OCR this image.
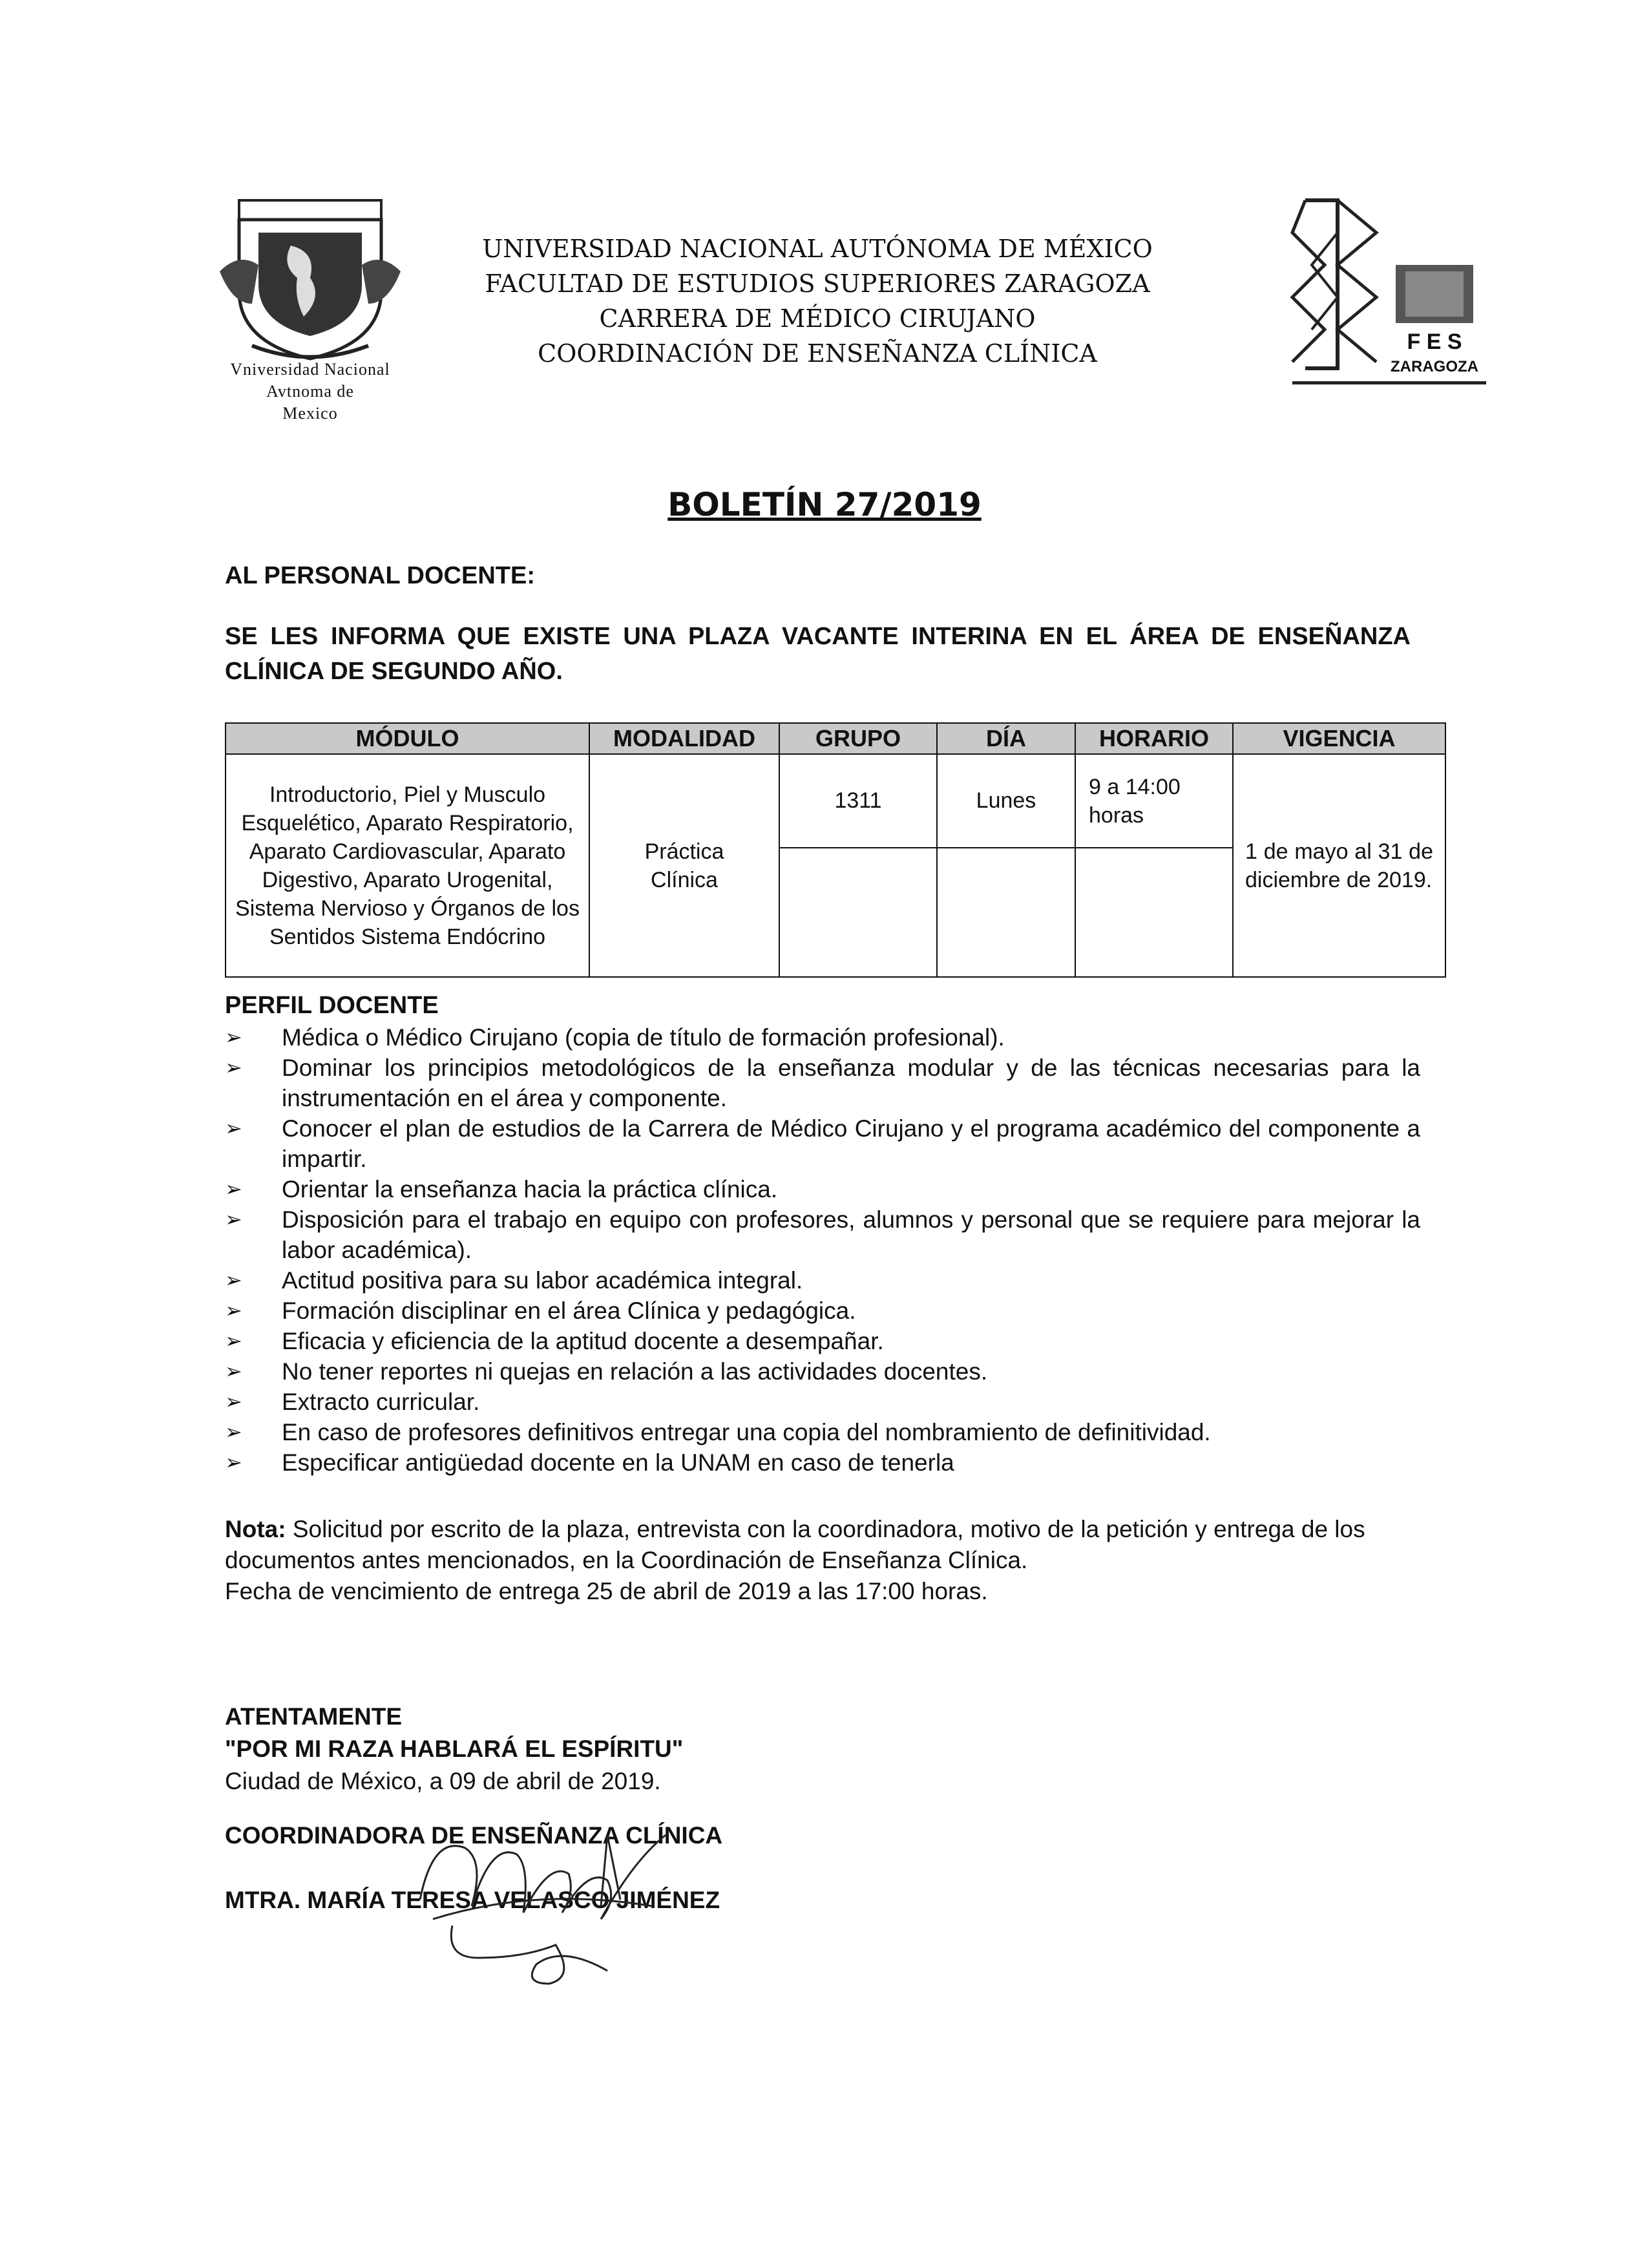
Vniversidad Nacional
Avtnoma de
Mexico
UNIVERSIDAD NACIONAL AUTÓNOMA DE MÉXICO
FACULTAD DE ESTUDIOS SUPERIORES ZARAGOZA
CARRERA DE MÉDICO CIRUJANO
COORDINACIÓN DE ENSEÑANZA CLÍNICA	F E S
ZARAGOZA
BOLETÍN 27/2019
AL PERSONAL DOCENTE:
SE LES INFORMA QUE EXISTE UNA PLAZA VACANTE INTERINA EN EL ÁREA DE ENSEÑANZA CLÍNICA DE SEGUNDO AÑO.
MÓDULO	MODALIDAD	GRUPO	DÍA	HORARIO	VIGENCIA
Introductorio, Piel y Musculo Esquelético, Aparato Respiratorio, Aparato Cardiovascular, Aparato Digestivo, Aparato Urogenital, Sistema Nervioso y Órganos de los Sentidos Sistema Endócrino	Práctica Clínica	1311	Lunes	9 a 14:00 horas	1 de mayo al 31 de diciembre de 2019.

PERFIL DOCENTE
➢ Médica o Médico Cirujano (copia de título de formación profesional).
➢ Dominar los principios metodológicos de la enseñanza modular y de las técnicas necesarias para la instrumentación en el área y componente.
➢ Conocer el plan de estudios de la Carrera de Médico Cirujano y el programa académico del componente a impartir.
➢ Orientar la enseñanza hacia la práctica clínica.
➢ Disposición para el trabajo en equipo con profesores, alumnos y personal que se requiere para mejorar la labor académica).
➢ Actitud positiva para su labor académica integral.
➢ Formación disciplinar en el área Clínica y pedagógica.
➢ Eficacia y eficiencia de la aptitud docente a desempañar.
➢ No tener reportes ni quejas en relación a las actividades docentes.
➢ Extracto curricular.
➢ En caso de profesores definitivos entregar una copia del nombramiento de definitividad.
➢ Especificar antigüedad docente en la UNAM en caso de tenerla
Nota: Solicitud por escrito de la plaza, entrevista con la coordinadora, motivo de la petición y entrega de los documentos antes mencionados, en la Coordinación de Enseñanza Clínica.
Fecha de vencimiento de entrega 25 de abril de 2019 a las 17:00 horas.
ATENTAMENTE
"POR MI RAZA HABLARÁ EL ESPÍRITU"
Ciudad de México, a 09 de abril de 2019.
COORDINADORA DE ENSEÑANZA CLÍNICA
MTRA. MARÍA TERESA VELASCO JIMÉNEZ
